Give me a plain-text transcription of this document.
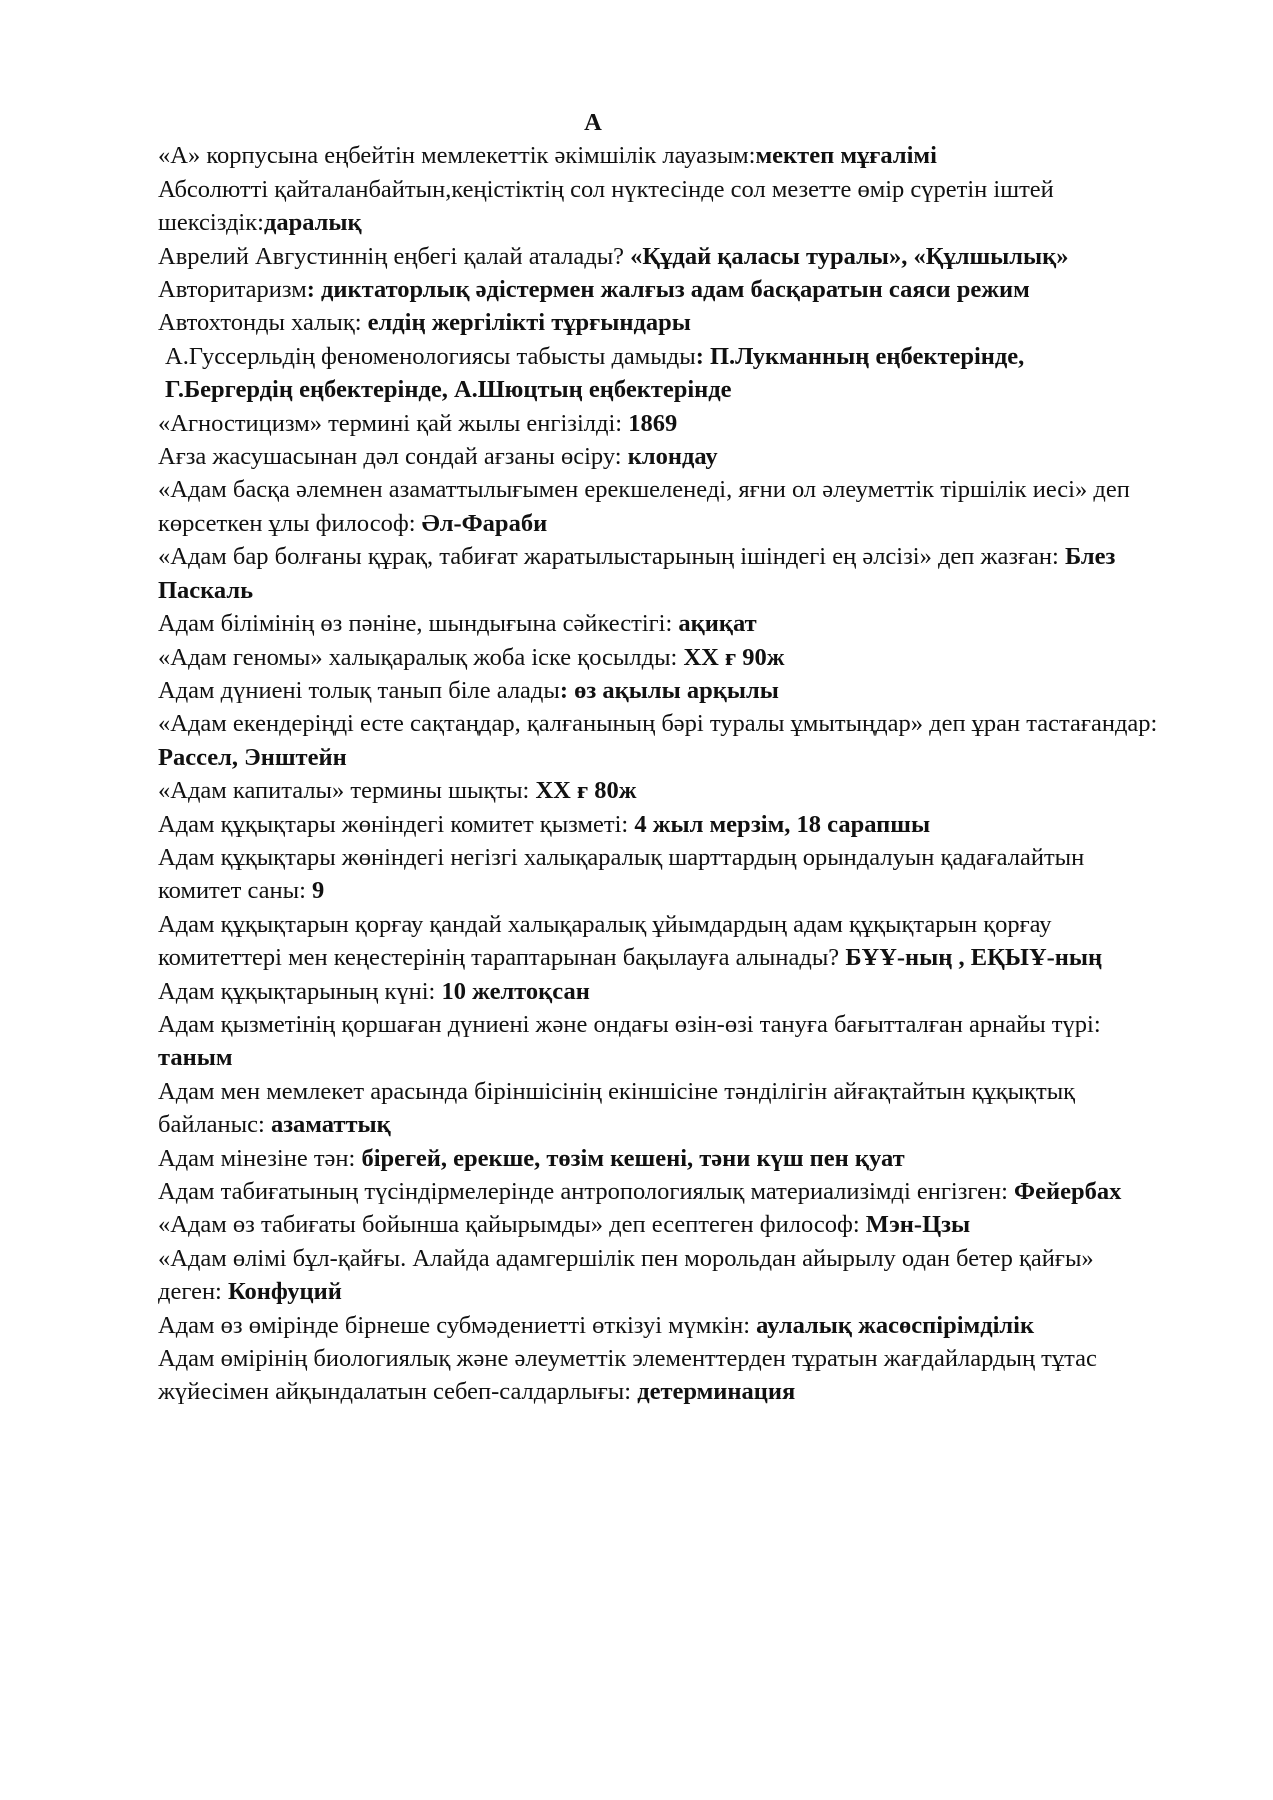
А

«А» корпусына еңбейтін мемлекеттік әкімшілік лауазым:мектеп мұғалімі

Абсолютті қайталанбайтын,кеңістіктің сол нүктесінде сол мезетте өмір сүретін іштей шексіздік:даралық

Аврелий Августиннің еңбегі қалай аталады? «Құдай қаласы туралы», «Құлшылық»

Авторитаризм: диктаторлық әдістермен жалғыз адам басқаратын саяси режим

Автохтонды халық: елдің жергілікті тұрғындары

А.Гуссерльдің феноменологиясы табысты дамыды: П.Лукманның еңбектерінде, Г.Бергердің еңбектерінде, А.Шюцтың еңбектерінде

«Агностицизм» термині қай жылы енгізілді: 1869

Ағза жасушасынан дәл сондай ағзаны өсіру: клондау

«Адам басқа әлемнен азаматтылығымен ерекшеленеді, яғни ол әлеуметтік тіршілік иесі» деп көрсеткен ұлы философ: Әл-Фараби

«Адам бар болғаны құрақ, табиғат жаратылыстарының ішіндегі ең әлсізі» деп жазған: Блез Паскаль

Адам білімінің өз пәніне, шындығына сәйкестігі: ақиқат

«Адам геномы» халықаралық жоба іске қосылды: XX ғ 90ж

Адам дүниені толық танып біле алады: өз ақылы арқылы

«Адам екендеріңді есте сақтаңдар, қалғанының бәрі туралы ұмытыңдар» деп ұран тастағандар: Рассел, Энштейн

«Адам капиталы» термины шықты: XX ғ 80ж

Адам құқықтары жөніндегі комитет қызметі: 4 жыл мерзім, 18 сарапшы

Адам құқықтары жөніндегі негізгі халықаралық шарттардың орындалуын қадағалайтын комитет саны: 9

Адам құқықтарын қорғау қандай халықаралық ұйымдардың адам құқықтарын қорғау комитеттері мен кеңестерінің тараптарынан бақылауға алынады? БҰҰ-ның , ЕҚЫҰ-ның

Адам құқықтарының күні: 10 желтоқсан

Адам қызметінің қоршаған дүниені және ондағы өзін-өзі тануға бағытталған арнайы түрі: таным

Адам мен мемлекет арасында біріншісінің екіншісіне тәнділігін айғақтайтын құқықтық байланыс: азаматтық

Адам мінезіне тән: бірегей, ерекше, төзім кешені, тәни күш пен қуат

Адам табиғатының түсіндірмелерінде антропологиялық материализімді енгізген: Фейербах

«Адам өз табиғаты бойынша қайырымды» деп есептеген философ: Мэн-Цзы

«Адам өлімі бұл-қайғы. Алайда адамгершілік пен морольдан айырылу одан бетер қайғы» деген: Конфуций

Адам өз өмірінде бірнеше субмәдениетті өткізуі мүмкін: аулалық жасөспірімділік

Адам өмірінің биологиялық және әлеуметтік элементтерден тұратын жағдайлардың тұтас жүйесімен айқындалатын себеп-салдарлығы: детерминация
